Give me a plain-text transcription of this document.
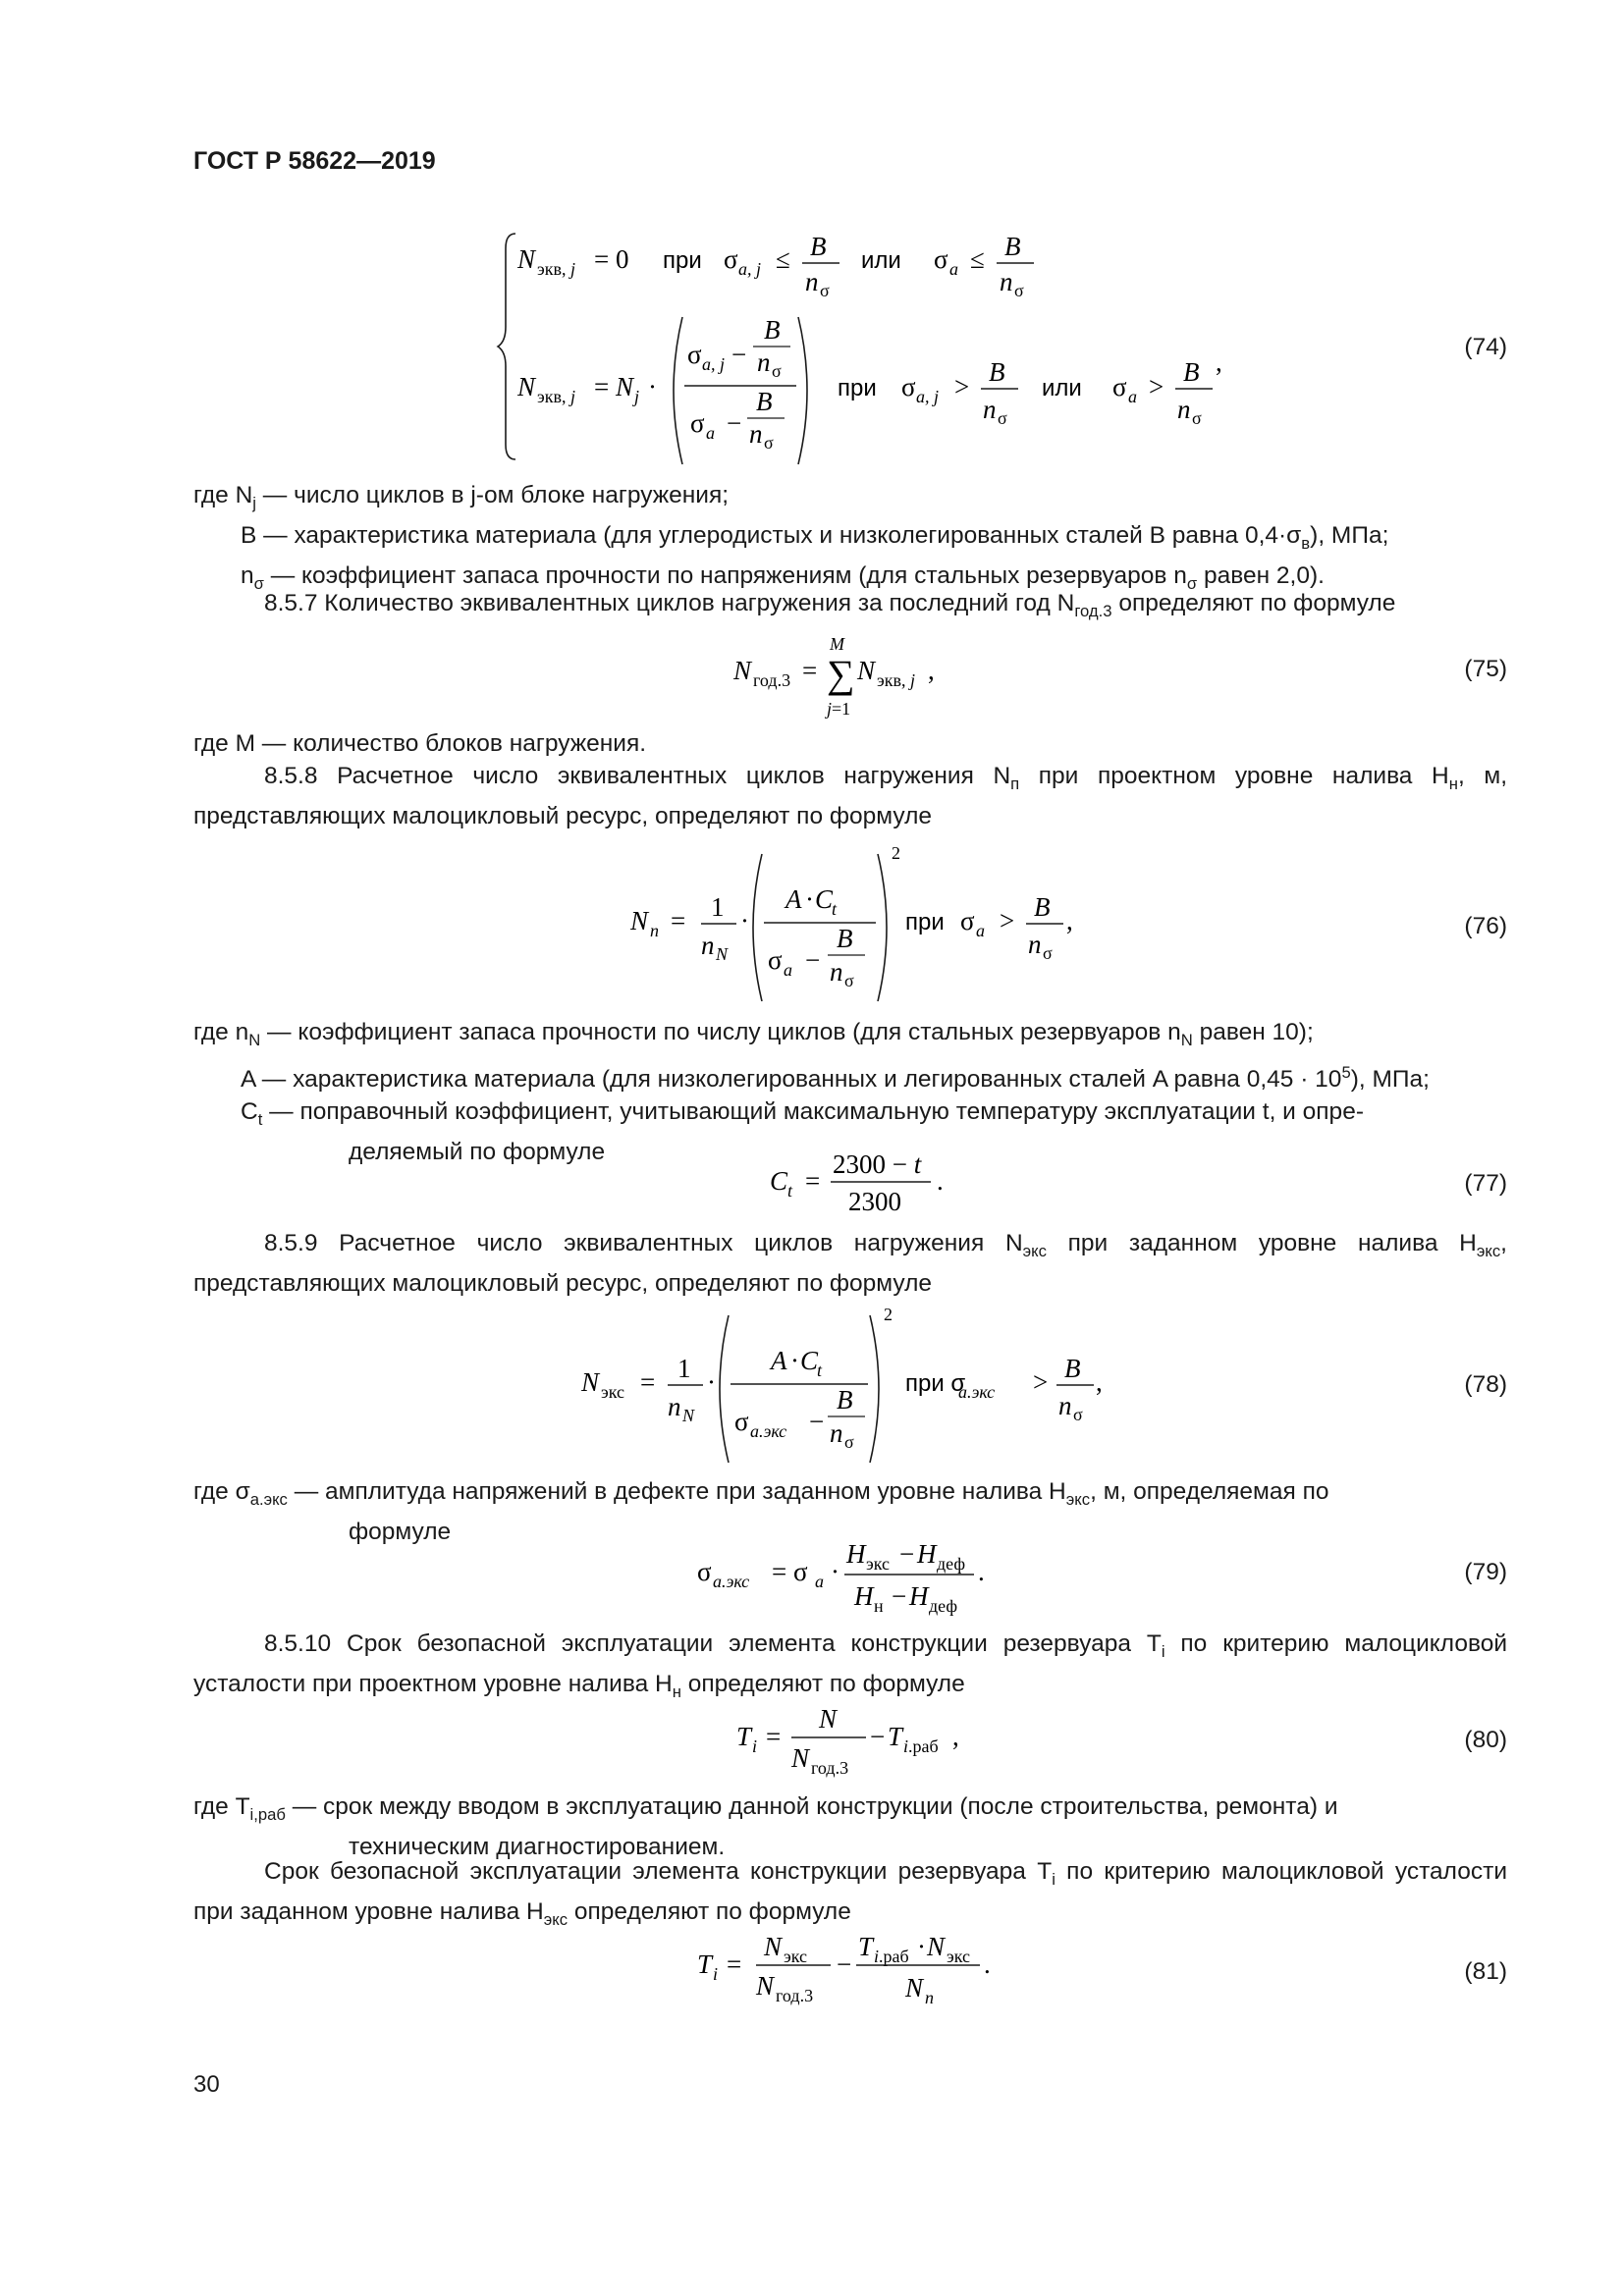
ГОСТ Р 58622—2019
N экв, j = 0 при σ a, j ≤ B
n σ
или σ a ≤ B
n σ
N экв, j = N j ·
σ a, j −
B
n σ
σ a −
B
n σ
при σ a, j > B
n σ
или σ a > B
n σ
,
(74)
где $N_j$ — число циклов в j-ом блоке нагружения;
B — характеристика материала (для углеродистых и низколегированных сталей B равна $0,4\cdot\sigma_в$), МПа;
$n_\sigma$ — коэффициент запаса прочности по напряжениям (для стальных резервуаров $n_\sigma$ равен 2,0).

8.5.7 Количество эквивалентных циклов нагружения за последний год $N_{год.3}$ определяют по формуле

N год.3 =
M
∑
j=1
N экв, j ,	(75)
где M — количество блоков нагружения.

8.5.8 Расчетное число эквивалентных циклов нагружения $N_п$ при проектном уровне налива $H_н$, м, представляющих малоцикловый ресурс, определяют по формуле

N n = 1
n N
·
2
A · C
t
σ a −
B
n σ
при σ a > B
n σ
,	(76)
где $n_N$ — коэффициент запаса прочности по числу циклов (для стальных резервуаров $n_N$ равен 10);
A — характеристика материала (для низколегированных и легированных сталей A равна $0,45 \cdot 10^5$), МПа;
$C_t$ — поправочный коэффициент, учитывающий максимальную температуру эксплуатации t, и опре-
деляемый по формуле
C t =
2300 − t
2300
.	(77)

8.5.9 Расчетное число эквивалентных циклов нагружения $N_{экс}$ при заданном уровне налива $H_{экс}$, представляющих малоцикловый ресурс, определяют по формуле

N экс = 1
n N
·
2
A · C
t
σ a.экс −
B
n σ
при σ
a.экс > B
n σ
,	(78)
где $\sigma_{a.экс}$ — амплитуда напряжений в дефекте при заданном уровне налива $H_{экс}$, м, определяемая по
формуле
σ a.экс = σ a ·
H экс − H деф
H н − H деф
.	(79)

8.5.10 Срок безопасной эксплуатации элемента конструкции резервуара $T_i$ по критерию малоцикловой усталости при проектном уровне налива $H_н$ определяют по формуле

T i =
N
N год.3
− T i.раб ,	(80)
где $T_{i,раб}$ — срок между вводом в эксплуатацию данной конструкции (после строительства, ремонта) и
техническим диагностированием.

Срок безопасной эксплуатации элемента конструкции резервуара $T_i$ по критерию малоцикловой усталости при заданном уровне налива $H_{экс}$ определяют по формуле

T i =
N экс
N год.3
−
T i.раб · N экс
N n
.	(81)
30
